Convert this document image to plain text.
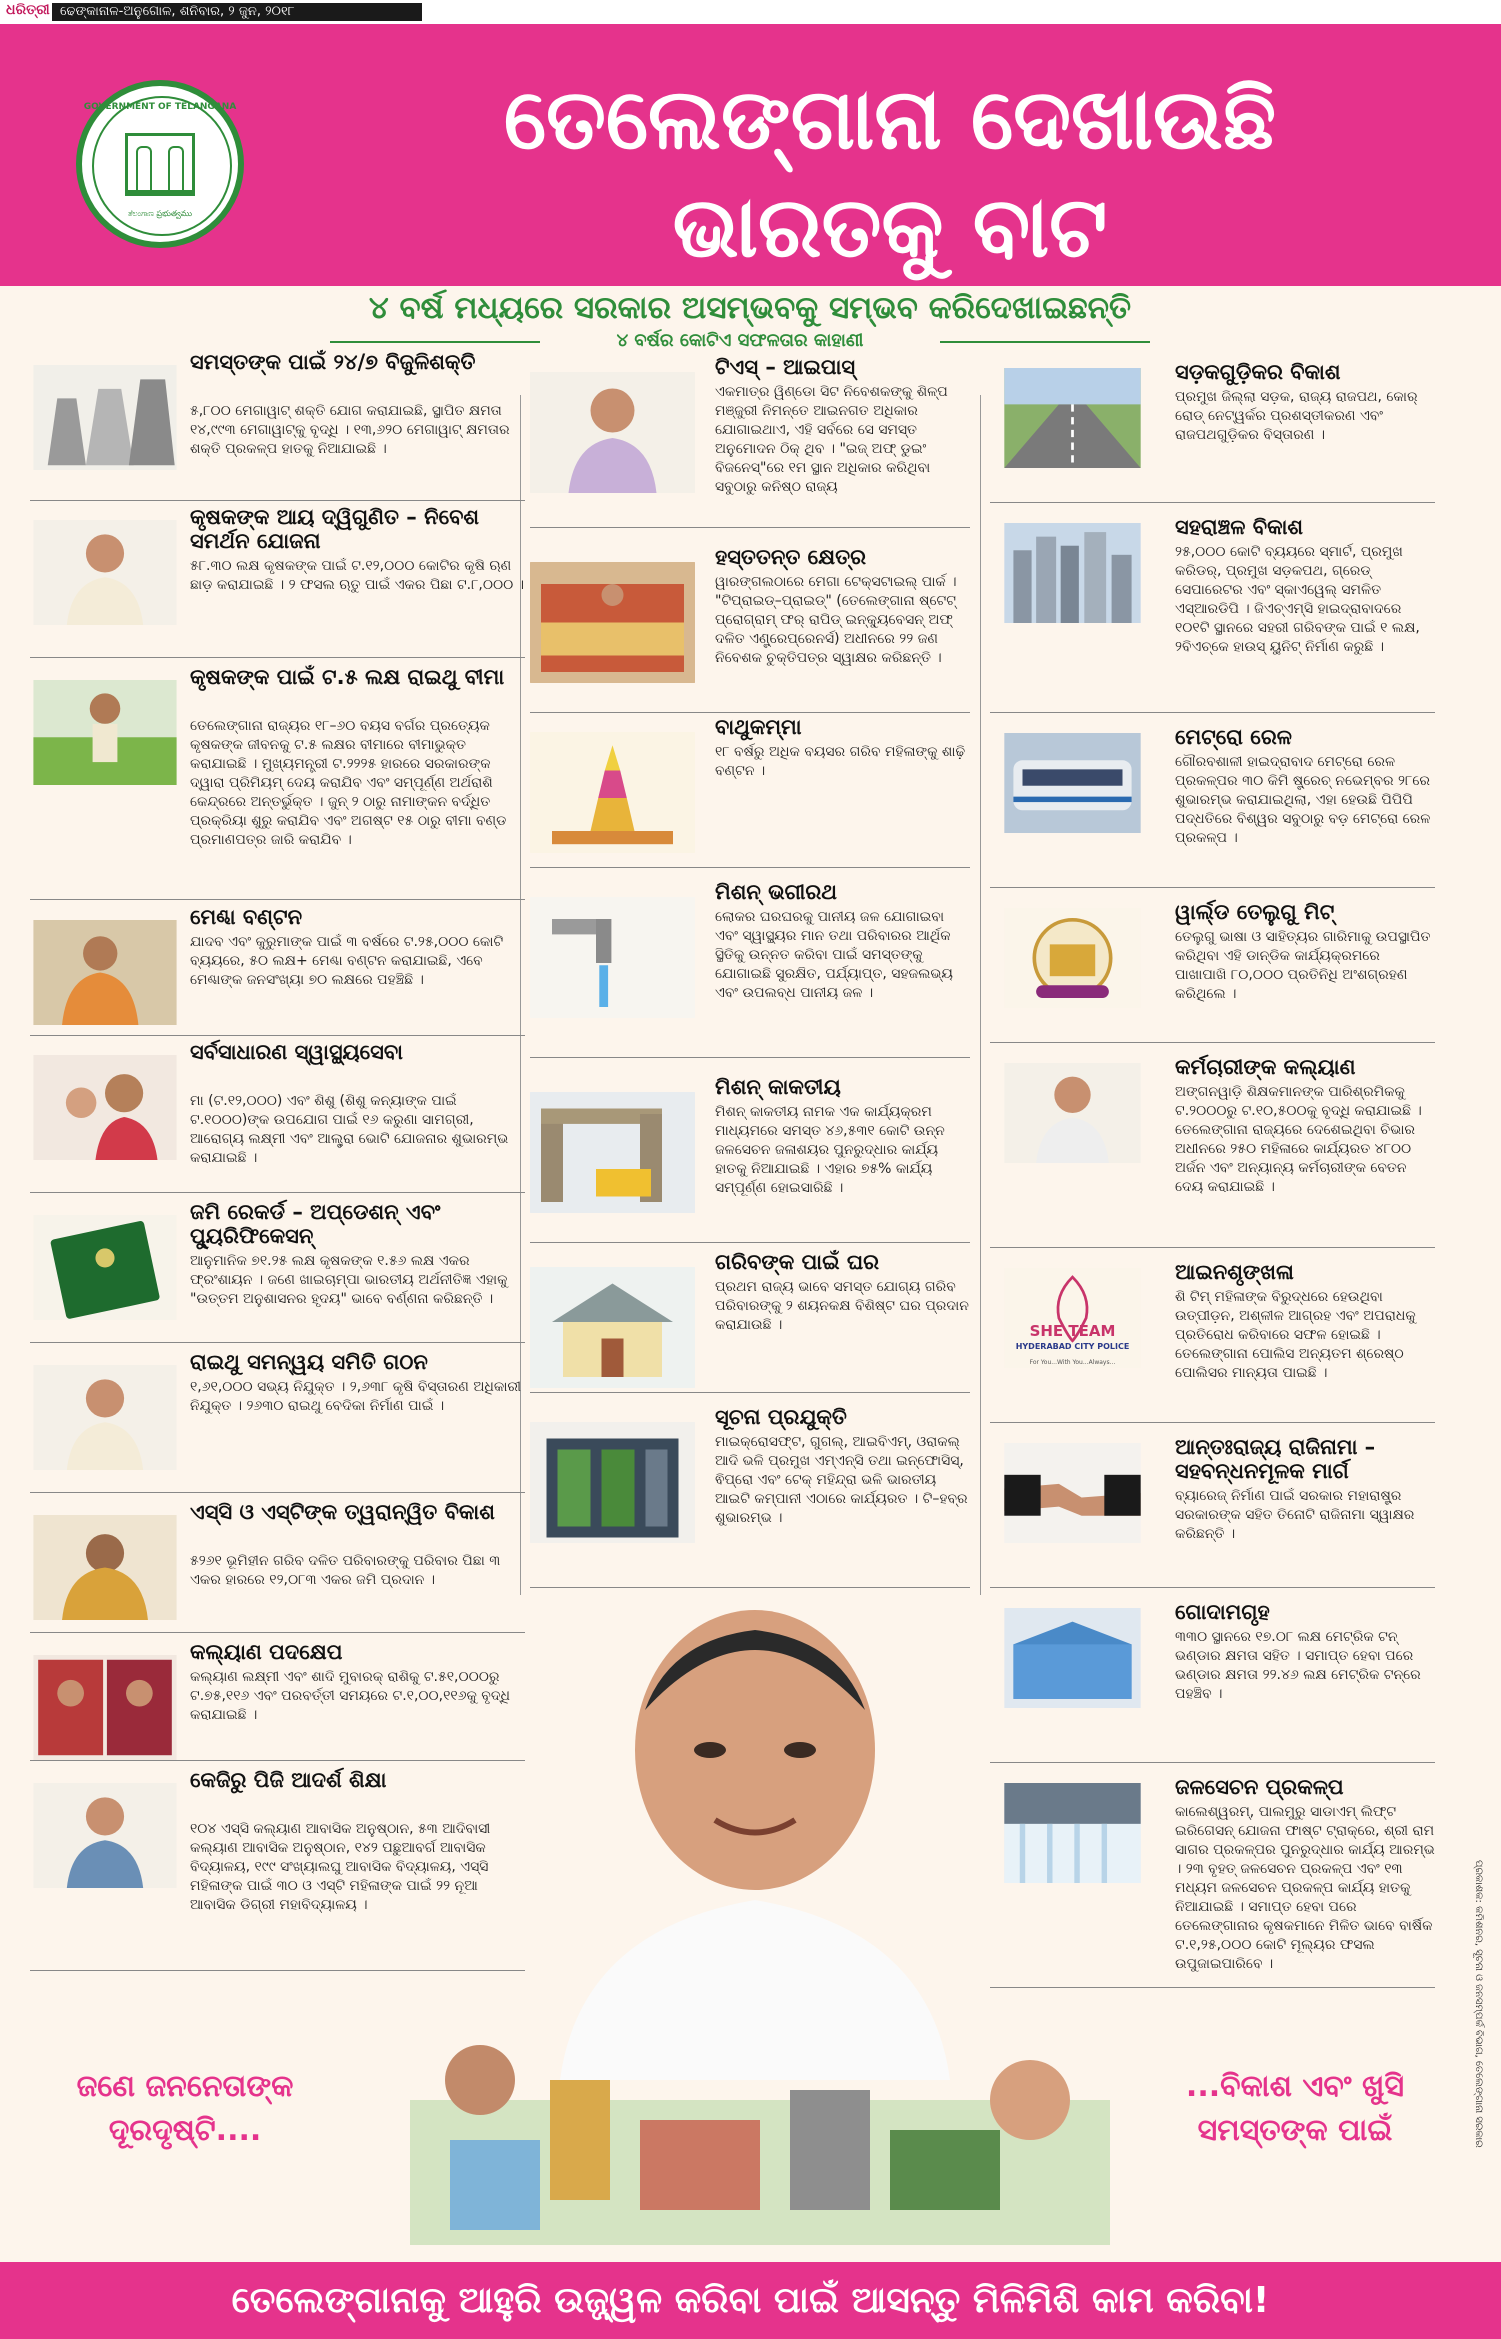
ଧରିତ୍ରୀ ଢେଙ୍କାନାଳ-ଅନୁଗୋଳ, ଶନିବାର, ୨ ଜୁନ, ୨୦୧୮
GOVERNMENT OF TELANGANA
ತೆಲಂಗಾಣ ప్రభుత్వము
ତେଲେଙ୍ଗାନା ଦେଖାଉଛି
ଭାରତକୁ ବାଟ
୪ ବର୍ଷ ମଧ୍ୟରେ ସରକାର ଅସମ୍ଭବକୁ ସମ୍ଭବ କରିଦେଖାଇଛନ୍ତି
୪ ବର୍ଷର କୋଟିଏ ସଫଳତାର କାହାଣୀ
ସମସ୍ତଙ୍କ ପାଇଁ ୨୪/୭ ବିଜୁଳିଶକ୍ତି
୫,୮୦୦ ମେଗାୱାଟ୍ ଶକ୍ତି ଯୋଗ କରାଯାଇଛି, ସ୍ଥାପିତ କ୍ଷମତା ୧୪,୯୯୩ ମେଗାୱାଟ୍‌କୁ ବୃଦ୍ଧି । ୧୩,୬୨୦ ମେଗାୱାଟ୍ କ୍ଷମତାର ଶକ୍ତି ପ୍ରକଳ୍ପ ହାତକୁ ନିଆଯାଇଛି ।
କୃଷକଙ୍କ ଆୟ ଦ୍ୱିଗୁଣିତ – ନିବେଶ ସମର୍ଥନ ଯୋଜନା
୫୮.୩୦ ଲକ୍ଷ କୃଷକଙ୍କ ପାଇଁ ଟ.୧୨,୦୦୦ କୋଟିର କୃଷି ଋଣ ଛାଡ଼ କରାଯାଇଛି । ୨ ଫସଲ ଋତୁ ପାଇଁ ଏକର ପିଛା ଟ.୮,୦୦୦ ।
କୃଷକଙ୍କ ପାଇଁ ଟ.୫ ଲକ୍ଷ ରାଇଥୁ ବୀମା
ତେଲେଙ୍ଗାନା ରାଜ୍ୟର ୧୮–୬୦ ବୟସ ବର୍ଗର ପ୍ରତ୍ୟେକ କୃଷକଙ୍କ ଜୀବନକୁ ଟ.୫ ଲକ୍ଷର ବୀମାରେ ବୀମାଭୁକ୍ତ କରାଯାଇଛି । ମୁଖ୍ୟମନ୍ତ୍ରୀ ଟ.୨୨୨୫ ହାରରେ ସରକାରଙ୍କ ଦ୍ୱାରା ପ୍ରିମିୟମ୍ ଦେୟ କରାଯିବ ଏବଂ ସମ୍ପୂର୍ଣ୍ଣ ଅର୍ଥରାଶି କେନ୍ଦ୍ରରେ ଅନ୍ତର୍ଭୁକ୍ତ । ଜୁନ୍ ୨ ଠାରୁ ନାମାଙ୍କନ ବର୍ଦ୍ଧିତ ପ୍ରକ୍ରିୟା ଶୁରୁ କରାଯିବ ଏବଂ ଅଗଷ୍ଟ ୧୫ ଠାରୁ ବୀମା ବଣ୍ଡ ପ୍ରମାଣପତ୍ର ଜାରି କରାଯିବ ।
ମେଣ୍ଢା ବଣ୍ଟନ
ଯାଦବ ଏବଂ କୁରୁମାଙ୍କ ପାଇଁ ୩ ବର୍ଷରେ ଟ.୨୫,୦୦୦ କୋଟି ବ୍ୟୟରେ, ୫୦ ଲକ୍ଷ+ ମେଣ୍ଢା ବଣ୍ଟନ କରାଯାଇଛି, ଏବେ ମେଣ୍ଢାଙ୍କ ଜନସଂଖ୍ୟା ୭୦ ଲକ୍ଷରେ ପହଞ୍ଚିଛି ।
ସର୍ବସାଧାରଣ ସ୍ୱାସ୍ଥ୍ୟସେବା
ମା (ଟ.୧୨,୦୦୦) ଏବଂ ଶିଶୁ (ଶିଶୁ କନ୍ୟାଙ୍କ ପାଇଁ ଟ.୧୦୦୦)ଙ୍କ ଉପଯୋଗ ପାଇଁ ୧୬ କରୁଣା ସାମଗ୍ରୀ, ଆରୋଗ୍ୟ ଲକ୍ଷ୍ମୀ ଏବଂ ଆଲ୍ଟ୍ରା ଭୋଟି ଯୋଜନାର ଶୁଭାରମ୍ଭ କରାଯାଇଛି ।
ଜମି ରେକର୍ଡ – ଅପ୍‌ଡେଶନ୍ ଏବଂ ପ୍ୟୁରିଫିକେସନ୍
ଆନୁମାନିକ ୭୧.୨୫ ଲକ୍ଷ କୃଷକଙ୍କ ୧.୫୬ ଲକ୍ଷ ଏକର ଫ୍ରଂଶାୟନ । ଜଣେ ଖାଇଚାମ୍ପା ଭାରତୀୟ ଅର୍ଥନୀତିଜ୍ଞ ଏହାକୁ "ଉତ୍ତମ ଅନୁଶାସନର ହୃଦୟ" ଭାବେ ବର୍ଣ୍ଣନା କରିଛନ୍ତି ।
ରାଇଥୁ ସମନ୍ୱୟ ସମିତି ଗଠନ
୧,୬୧,୦୦୦ ସଭ୍ୟ ନିଯୁକ୍ତ । ୨,୬୩୮ କୃଷି ବିସ୍ତାରଣ ଅଧିକାରୀ ନିଯୁକ୍ତ । ୨୬୩୦ ରାଇଥୁ ବେଦିକା ନିର୍ମାଣ ପାଇଁ ।
ଏସ୍‌ସି ଓ ଏସ୍‌ଟିଙ୍କ ତ୍ୱରାନ୍ୱିତ ବିକାଶ
୫୨୬୧ ଭୂମିହୀନ ଗରିବ ଦଳିତ ପରିବାରଙ୍କୁ ପରିବାର ପିଛା ୩ ଏକର ହାରରେ ୧୨,୦୮୩ ଏକର ଜମି ପ୍ରଦାନ ।
କଲ୍ୟାଣ ପଦକ୍ଷେପ
କଲ୍ୟାଣ ଲକ୍ଷ୍ମୀ ଏବଂ ଶାଦି ମୁବାରକ୍ ରାଶିକୁ ଟ.୫୧,୦୦୦ରୁ ଟ.୭୫,୧୧୬ ଏବଂ ପରବର୍ତ୍ତୀ ସମୟରେ ଟ.୧,୦୦,୧୧୬କୁ ବୃଦ୍ଧି କରାଯାଇଛି ।
କେଜିରୁ ପିଜି ଆଦର୍ଶ ଶିକ୍ଷା
୧୦୪ ଏସ୍‌ସି କଲ୍ୟାଣ ଆବାସିକ ଅନୁଷ୍ଠାନ, ୫୩ ଆଦିବାସୀ କଲ୍ୟାଣ ଆବାସିକ ଅନୁଷ୍ଠାନ, ୧୪୨ ପଛୁଆବର୍ଗ ଆବାସିକ ବିଦ୍ୟାଳୟ, ୧୯୯ ସଂଖ୍ୟାଲଘୁ ଆବାସିକ ବିଦ୍ୟାଳୟ, ଏସ୍‌ସି ମହିଳାଙ୍କ ପାଇଁ ୩୦ ଓ ଏସ୍‌ଟି ମହିଳାଙ୍କ ପାଇଁ ୨୨ ନୂଆ ଆବାସିକ ଡିଗ୍ରୀ ମହାବିଦ୍ୟାଳୟ ।
ଟିଏସ୍ – ଆଇପାସ୍
ଏକମାତ୍ର ୱିଣ୍ଡୋ ସିଟ ନିବେଶକଙ୍କୁ ଶିଳ୍ପ ମଞ୍ଜୁରୀ ନିମନ୍ତେ ଆଇନଗତ ଅଧିକାର ଯୋଗାଇଥାଏ, ଏହି ସର୍ବରେ ସେ ସମସ୍ତ ଅନୁମୋଦନ ଠିକ୍ ଥିବ । "ଇଜ୍ ଅଫ୍ ଡୁଇଂ ବିଜନେସ୍"ରେ ୧ମ ସ୍ଥାନ ଅଧିକାର କରିଥିବା ସବୁଠାରୁ କନିଷ୍ଠ ରାଜ୍ୟ
ହସ୍ତତନ୍ତ କ୍ଷେତ୍ର
ୱାରଙ୍ଗଲଠାରେ ମେଗା ଟେକ୍ସଟାଇଲ୍ ପାର୍କ । "ଟିପ୍ରାଇଡ୍–ପ୍ରାଇଡ୍" (ତେଲେଙ୍ଗାନା ଷ୍ଟେଟ୍ ପ୍ରୋଗ୍ରାମ୍ ଫର୍ ରାପିଡ୍ ଇନ୍‌କ୍ୟୁବେସନ୍ ଅଫ୍ ଦଳିତ ଏଣ୍ଟ୍ରେପ୍ରେନର୍ସ) ଅଧୀନରେ ୨୨ ଜଣ ନିବେଶକ ଚୁକ୍ତିପତ୍ର ସ୍ୱାକ୍ଷର କରିଛନ୍ତି ।
ବାଥୁକମ୍ମା
୧୮ ବର୍ଷରୁ ଅଧିକ ବୟସର ଗରିବ ମହିଳାଙ୍କୁ ଶାଢ଼ି ବଣ୍ଟନ ।
ମିଶନ୍ ଭଗୀରଥ
ଲୋକର ଘରଘରକୁ ପାନୀୟ ଜଳ ଯୋଗାଇବା ଏବଂ ସ୍ୱାସ୍ଥ୍ୟର ମାନ ତଥା ପରିବାରର ଆର୍ଥିକ ସ୍ଥିତିକୁ ଉନ୍ନତ କରିବା ପାଇଁ ସମସ୍ତଙ୍କୁ ଯୋଗାଇଛି ସୁରକ୍ଷିତ, ପର୍ଯ୍ୟାପ୍ତ, ସହଜଲଭ୍ୟ ଏବଂ ଉପଲବ୍ଧ ପାନୀୟ ଜଳ ।
ମିଶନ୍ କାକତୀୟ
ମିଶନ୍ କାକତୀୟ ନାମକ ଏକ କାର୍ଯ୍ୟକ୍ରମ ମାଧ୍ୟମରେ ସମସ୍ତ ୪୬,୫୩୧ କୋଟି ଉନ୍ନ ଜଳସେଚନ ଜଳାଶୟର ପୁନରୁଦ୍ଧାର କାର୍ଯ୍ୟ ହାତକୁ ନିଆଯାଇଛି । ଏହାର ୭୫% କାର୍ଯ୍ୟ ସମ୍ପୂର୍ଣ୍ଣ ହୋଇସାରିଛି ।
ଗରିବଙ୍କ ପାଇଁ ଘର
ପ୍ରଥମ ରାଜ୍ୟ ଭାବେ ସମସ୍ତ ଯୋଗ୍ୟ ଗରିବ ପରିବାରଙ୍କୁ ୨ ଶୟନକକ୍ଷ ବିଶିଷ୍ଟ ଘର ପ୍ରଦାନ କରାଯାଉଛି ।
ସୂଚନା ପ୍ରଯୁକ୍ତି
ମାଇକ୍ରୋସଫ୍ଟ, ଗୁଗଲ୍, ଆଇବିଏମ୍, ଓରାକଲ୍ ଆଦି ଭଳି ପ୍ରମୁଖ ଏମ୍‌ଏନ୍‌ସି ତଥା ଇନ୍‌ଫୋସିସ୍, ଵିପ୍ରୋ ଏବଂ ଟେକ୍ ମହିନ୍ଦ୍ରା ଭଳି ଭାରତୀୟ ଆଇଟି କମ୍ପାନୀ ଏଠାରେ କାର୍ଯ୍ୟରତ । ଟି–ହବ୍‌ର ଶୁଭାରମ୍ଭ ।
ସଡ଼କଗୁଡ଼ିକର ବିକାଶ
ପ୍ରମୁଖ ଜିଲ୍ଲା ସଡ଼କ, ରାଜ୍ୟ ରାଜପଥ, କୋର୍ ରୋଡ୍ ନେଟ୍‌ୱର୍କର ପ୍ରଶସ୍ତୀକରଣ ଏବଂ ରାଜପଥଗୁଡ଼ିକର ବିସ୍ତାରଣ ।
ସହରାଞ୍ଚଳ ବିକାଶ
୨୫,୦୦୦ କୋଟି ବ୍ୟୟରେ ସ୍ମାର୍ଟ, ପ୍ରମୁଖ କରିଡର୍, ପ୍ରମୁଖ ସଡ଼କପଥ, ଗ୍ରେଡ୍ ସେପାରେଟର ଏବଂ ସ୍କାଏୱେଲ୍ ସମଳିତ ଏସ୍‌ଆରଡିପି । ଜିଏଚ୍‌ଏମ୍‌ସି ହାଇଦ୍ରାବାଦରେ ୧୦୧ଟି ସ୍ଥାନରେ ସହରୀ ଗରିବଙ୍କ ପାଇଁ ୧ ଲକ୍ଷ, ୨ବିଏଚ୍‌କେ ହାଉସ୍ ୟୁନିଟ୍ ନିର୍ମାଣ କରୁଛି ।
ମେଟ୍ରୋ ରେଳ
ଗୌରବଶାଳୀ ହାଇଦ୍ରାବାଦ ମେଟ୍ରୋ ରେଳ ପ୍ରକଳ୍ପର ୩୦ କିମି ଷ୍ଟ୍ରେଚ୍ ନଭେମ୍ବର ୨୮ରେ ଶୁଭାରମ୍ଭ କରାଯାଇଥିଲା, ଏହା ହେଉଛି ପିପିପି ପଦ୍ଧତିରେ ବିଶ୍ୱର ସବୁଠାରୁ ବଡ଼ ମେଟ୍ରୋ ରେଳ ପ୍ରକଳ୍ପ ।
ୱାର୍ଲ୍ଡ ତେଲୁଗୁ ମିଟ୍
ତେଲୁଗୁ ଭାଷା ଓ ସାହିତ୍ୟର ଗାରିମାକୁ ଉପସ୍ଥାପିତ କରିଥିବା ଏହି ଡାନ୍‌ଡିକ କାର୍ଯ୍ୟକ୍ରମରେ ପାଖାପାଖି ୮୦,୦୦୦ ପ୍ରତିନିଧି ଅଂଶଗ୍ରହଣ କରିଥିଲେ ।
କର୍ମଚାରୀଙ୍କ କଲ୍ୟାଣ
ଅଙ୍ଗନୱାଡ଼ି ଶିକ୍ଷକମାନଙ୍କ ପାରିଶ୍ରମିକକୁ ଟ.୨୦୦୦ରୁ ଟ.୧୦,୫୦୦କୁ ବୃଦ୍ଧି କରାଯାଇଛି । ତେଲେଙ୍ଗାନା ରାଜ୍ୟରେ ଦେଶେଇଥିବା ଚିଭାର ଅଧୀନରେ ୨୫୦ ମହିଳାରେ କାର୍ଯ୍ୟରତ ୪୮୦୦ ଅର୍ଜନ ଏବଂ ଅନ୍ୟାନ୍ୟ କର୍ମଚାରୀଙ୍କ ବେତନ ଦେୟ କରାଯାଇଛି ।
SHE TEAM
HYDERABAD CITY POLICE
For You...With You...Always...
ଆଇନଶୃଙ୍ଖଳା
ଶି ଟିମ୍ ମହିଳାଙ୍କ ବିରୁଦ୍ଧରେ ହେଉଥିବା ଉତ୍ପୀଡ଼ନ, ଅଶ୍ଳୀଳ ଆଗ୍ରହ ଏବଂ ଅପରାଧକୁ ପ୍ରତିରୋଧ କରିବାରେ ସଫଳ ହୋଇଛି । ତେଲେଙ୍ଗାନା ପୋଲିସ ଅନ୍ୟତମ ଶ୍ରେଷ୍ଠ ପୋଲିସର ମାନ୍ୟତା ପାଇଛି ।
ଆନ୍ତଃରାଜ୍ୟ ରାଜିନାମା – ସହବନ୍ଧନମୂଳକ ମାର୍ଗ
ବ୍ୟାରେଜ୍ ନିର୍ମାଣ ପାଇଁ ସରକାର ମହାରାଷ୍ଟ୍ର ସରକାରଙ୍କ ସହିତ ତିନୋଟି ରାଜିନାମା ସ୍ୱାକ୍ଷର କରିଛନ୍ତି ।
ଗୋଦାମଗୃହ
୩୩୦ ସ୍ଥାନରେ ୧୭.୦୮ ଲକ୍ଷ ମେଟ୍ରିକ ଟନ୍ ଭଣ୍ଡାର କ୍ଷମତା ସହିତ । ସମାପ୍ତ ହେବା ପରେ ଭଣ୍ଡାର କ୍ଷମତା ୨୨.୪୬ ଲକ୍ଷ ମେଟ୍ରିକ ଟନ୍‌ରେ ପହଞ୍ଚିବ ।
ଜଳସେଚନ ପ୍ରକଳ୍ପ
କାଲେଶ୍ୱରମ୍, ପାଲମୁରୁ ସାଡାଏମ୍ ଲିଫ୍ଟ ଇରିଗେସନ୍ ଯୋଜନା ଫାଷ୍ଟ ଟ୍ରାକ୍‌ରେ, ଶ୍ରୀ ରାମ ସାଗର ପ୍ରକଳ୍ପର ପୁନରୁଦ୍ଧାର କାର୍ଯ୍ୟ ଆରମ୍ଭ । ୨୩ ବୃହତ୍ ଜଳସେଚନ ପ୍ରକଳ୍ପ ଏବଂ ୧୩ ମଧ୍ୟମ ଜଳସେଚନ ପ୍ରକଳ୍ପ କାର୍ଯ୍ୟ ହାତକୁ ନିଆଯାଇଛି । ସମାପ୍ତ ହେବା ପରେ ତେଲେଙ୍ଗାନାର କୃଷକମାନେ ମିଳିତ ଭାବେ ବାର୍ଷିକ ଟ.୧,୨୫,୦୦୦ କୋଟି ମୂଲ୍ୟର ଫସଲ ଉପୁଜାଇପାରିବେ ।
ଜଣେ ଜନନେତାଙ୍କ ଦୂରଦୃଷ୍ଟି....
...ବିକାଶ ଏବଂ ଖୁସି ସମସ୍ତଙ୍କ ପାଇଁ	ପ୍ରକାଶକ: କମିଶନର, ସୂଚନା ଓ ଜନସମ୍ପର୍କ ବିଭାଗ, ତେଲେଙ୍ଗାନା ସରକାର
ତେଲେଙ୍ଗାନାକୁ ଆହୁରି ଉଜ୍ଜ୍ୱଳ କରିବା ପାଇଁ ଆସନ୍ତୁ ମିଳିମିଶି କାମ କରିବା!
